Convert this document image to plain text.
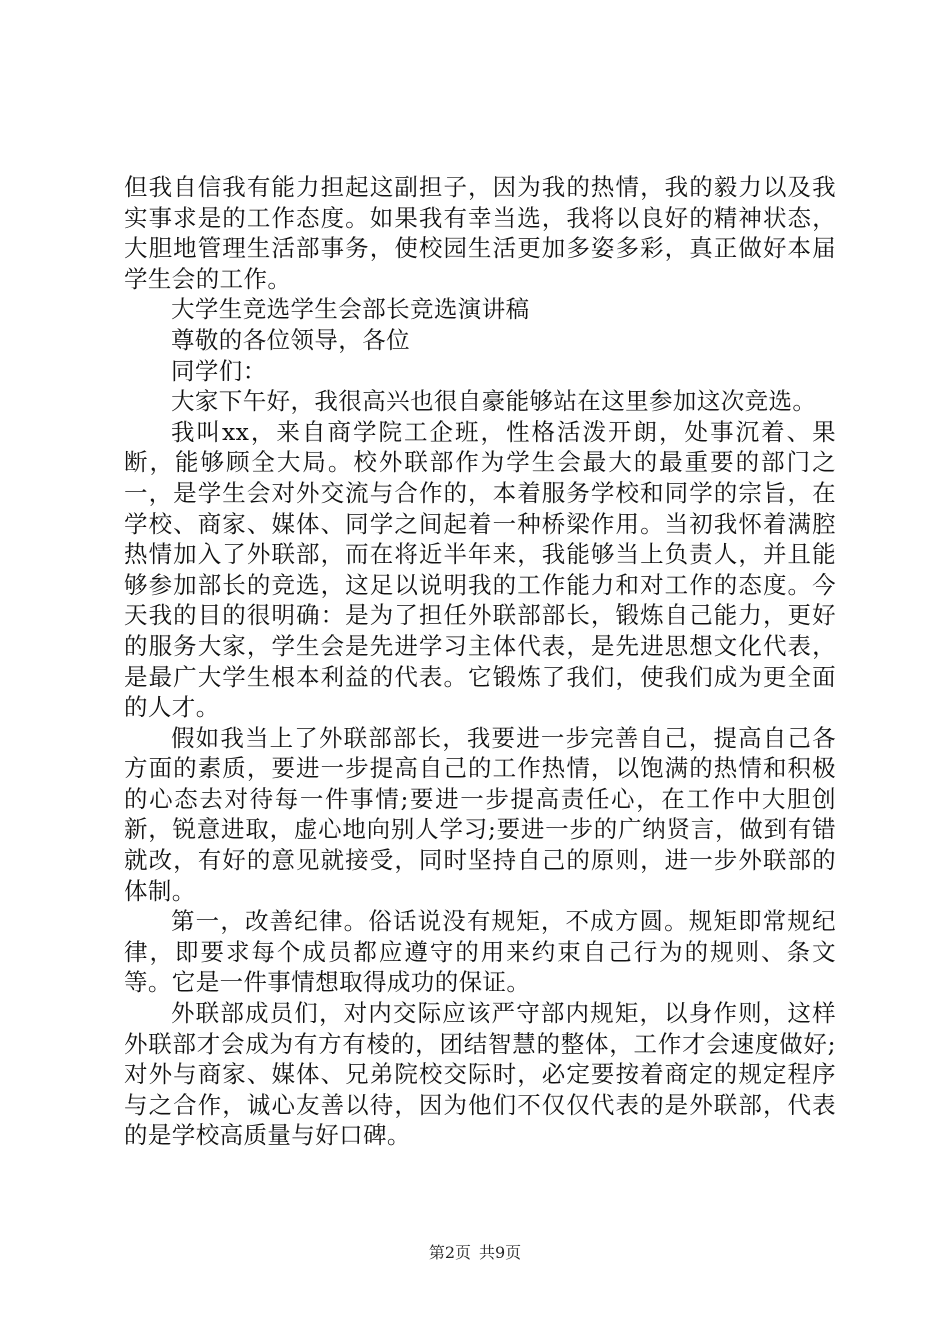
但我自信我有能力担起这副担子，因为我的热情，我的毅力以及我实事求是的工作态度。如果我有幸当选，我将以良好的精神状态，大胆地管理生活部事务，使校园生活更加多姿多彩，真正做好本届学生会的工作。

大学生竞选学生会部长竞选演讲稿

尊敬的各位领导，各位

同学们：

大家下午好，我很高兴也很自豪能够站在这里参加这次竞选。

我叫xx，来自商学院工企班，性格活泼开朗，处事沉着、果断，能够顾全大局。校外联部作为学生会最大的最重要的部门之一，是学生会对外交流与合作的，本着服务学校和同学的宗旨，在学校、商家、媒体、同学之间起着一种桥梁作用。当初我怀着满腔热情加入了外联部，而在将近半年来，我能够当上负责人，并且能够参加部长的竞选，这足以说明我的工作能力和对工作的态度。今天我的目的很明确：是为了担任外联部部长，锻炼自己能力，更好的服务大家，学生会是先进学习主体代表，是先进思想文化代表，是最广大学生根本利益的代表。它锻炼了我们，使我们成为更全面的人才。

假如我当上了外联部部长，我要进一步完善自己，提高自己各方面的素质，要进一步提高自己的工作热情，以饱满的热情和积极的心态去对待每一件事情;要进一步提高责任心，在工作中大胆创新，锐意进取，虚心地向别人学习;要进一步的广纳贤言，做到有错就改，有好的意见就接受，同时坚持自己的原则，进一步外联部的体制。

第一，改善纪律。俗话说没有规矩，不成方圆。规矩即常规纪律，即要求每个成员都应遵守的用来约束自己行为的规则、条文等。它是一件事情想取得成功的保证。

外联部成员们，对内交际应该严守部内规矩，以身作则，这样外联部才会成为有方有棱的，团结智慧的整体，工作才会速度做好;对外与商家、媒体、兄弟院校交际时，必定要按着商定的规定程序与之合作，诚心友善以待，因为他们不仅仅代表的是外联部，代表的是学校高质量与好口碑。

第2页 共9页
